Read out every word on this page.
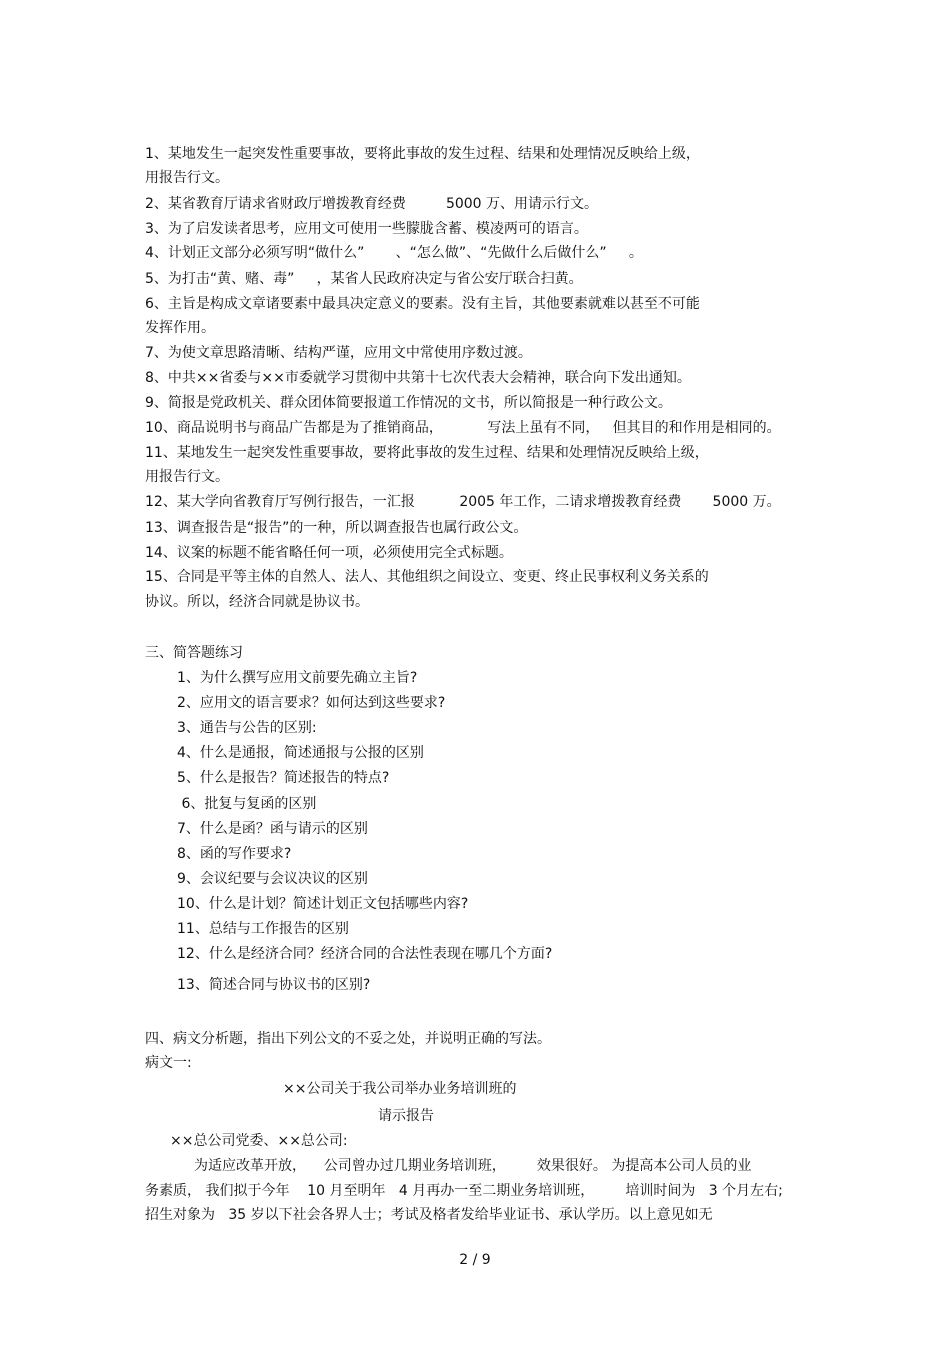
1、某地发生一起突发性重要事故，要将此事故的发生过程、结果和处理情况反映给上级，
用报告行文。
2、某省教育厅请求省财政厅增拨教育经费         5000 万、用请示行文。
3、为了启发读者思考，应用文可使用一些朦胧含蓄、模凌两可的语言。
4、计划正文部分必须写明“做什么”       、“怎么做”、“先做什么后做什么”     。
5、为打击“黄、赌、毒”     ，某省人民政府决定与省公安厅联合扫黄。
6、主旨是构成文章诸要素中最具决定意义的要素。没有主旨，其他要素就难以甚至不可能
发挥作用。
7、为使文章思路清晰、结构严谨，应用文中常使用序数过渡。
8、中共××省委与××市委就学习贯彻中共第十七次代表大会精神，联合向下发出通知。
9、简报是党政机关、群众团体简要报道工作情况的文书，所以简报是一种行政公文。
10、商品说明书与商品广告都是为了推销商品，          写法上虽有不同，   但其目的和作用是相同的。
11、某地发生一起突发性重要事故，要将此事故的发生过程、结果和处理情况反映给上级，
用报告行文。
12、某大学向省教育厅写例行报告，一汇报          2005 年工作，二请求增拨教育经费       5000 万。
13、调查报告是“报告”的一种，所以调查报告也属行政公文。
14、议案的标题不能省略任何一项，必须使用完全式标题。
15、合同是平等主体的自然人、法人、其他组织之间设立、变更、终止民事权利义务关系的
协议。所以，经济合同就是协议书。
三、简答题练习
1、为什么撰写应用文前要先确立主旨?
2、应用文的语言要求？如何达到这些要求?
3、通告与公告的区别:
4、什么是通报，简述通报与公报的区别
5、什么是报告？简述报告的特点?
6、批复与复函的区别
7、什么是函？函与请示的区别
8、函的写作要求?
9、会议纪要与会议决议的区别
10、什么是计划？简述计划正文包括哪些内容?
11、总结与工作报告的区别
12、什么是经济合同？经济合同的合法性表现在哪几个方面?
13、简述合同与协议书的区别?
四、病文分析题，指出下列公文的不妥之处，并说明正确的写法。
病文一:
××公司关于我公司举办业务培训班的
请示报告
××总公司党委、××总公司:
为适应改革开放，    公司曾办过几期业务培训班，       效果很好。 为提高本公司人员的业
务素质， 我们拟于今年    10 月至明年   4 月再办一至二期业务培训班，       培训时间为   3 个月左右;
招生对象为   35 岁以下社会各界人士；考试及格者发给毕业证书、承认学历。以上意见如无
2 / 9
